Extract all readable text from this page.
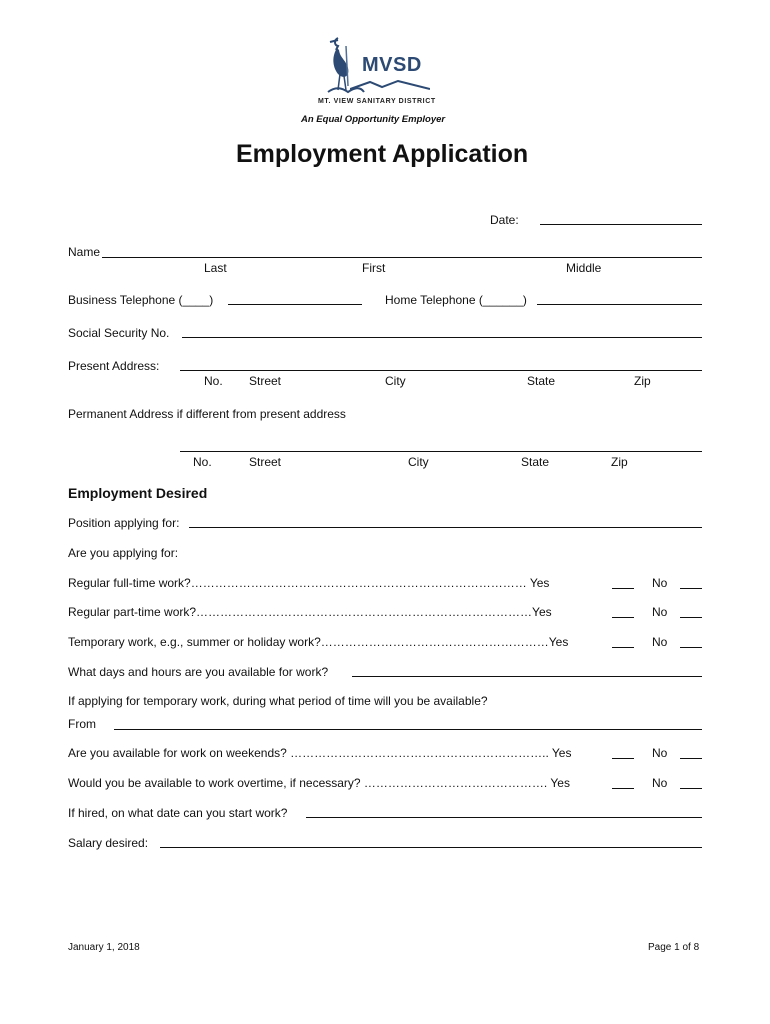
MVSD
MT. VIEW SANITARY DISTRICT
An Equal Opportunity Employer
Employment Application
Date:
Name
Last	First	Middle
Business Telephone (____)	Home Telephone (______)
Social Security No.
Present Address:
No. Street	City	State	Zip
Permanent Address if different from present address
No.	Street	City	State	Zip
Employment Desired
Position applying for:
Are you applying for:
Regular full-time work?………………………………………………………………………… Yes	No
Regular part-time work?…………………………………………………………………………Yes	No
Temporary work, e.g., summer or holiday work?…………………………………………………Yes	No
What days and hours are you available for work?
If applying for temporary work, during what period of time will you be available?
From
Are you available for work on weekends? ……………………………………………………….. Yes	No
Would you be available to work overtime, if necessary? ………………………………………. Yes	No
If hired, on what date can you start work?
Salary desired:
January 1, 2018	Page 1 of 8
